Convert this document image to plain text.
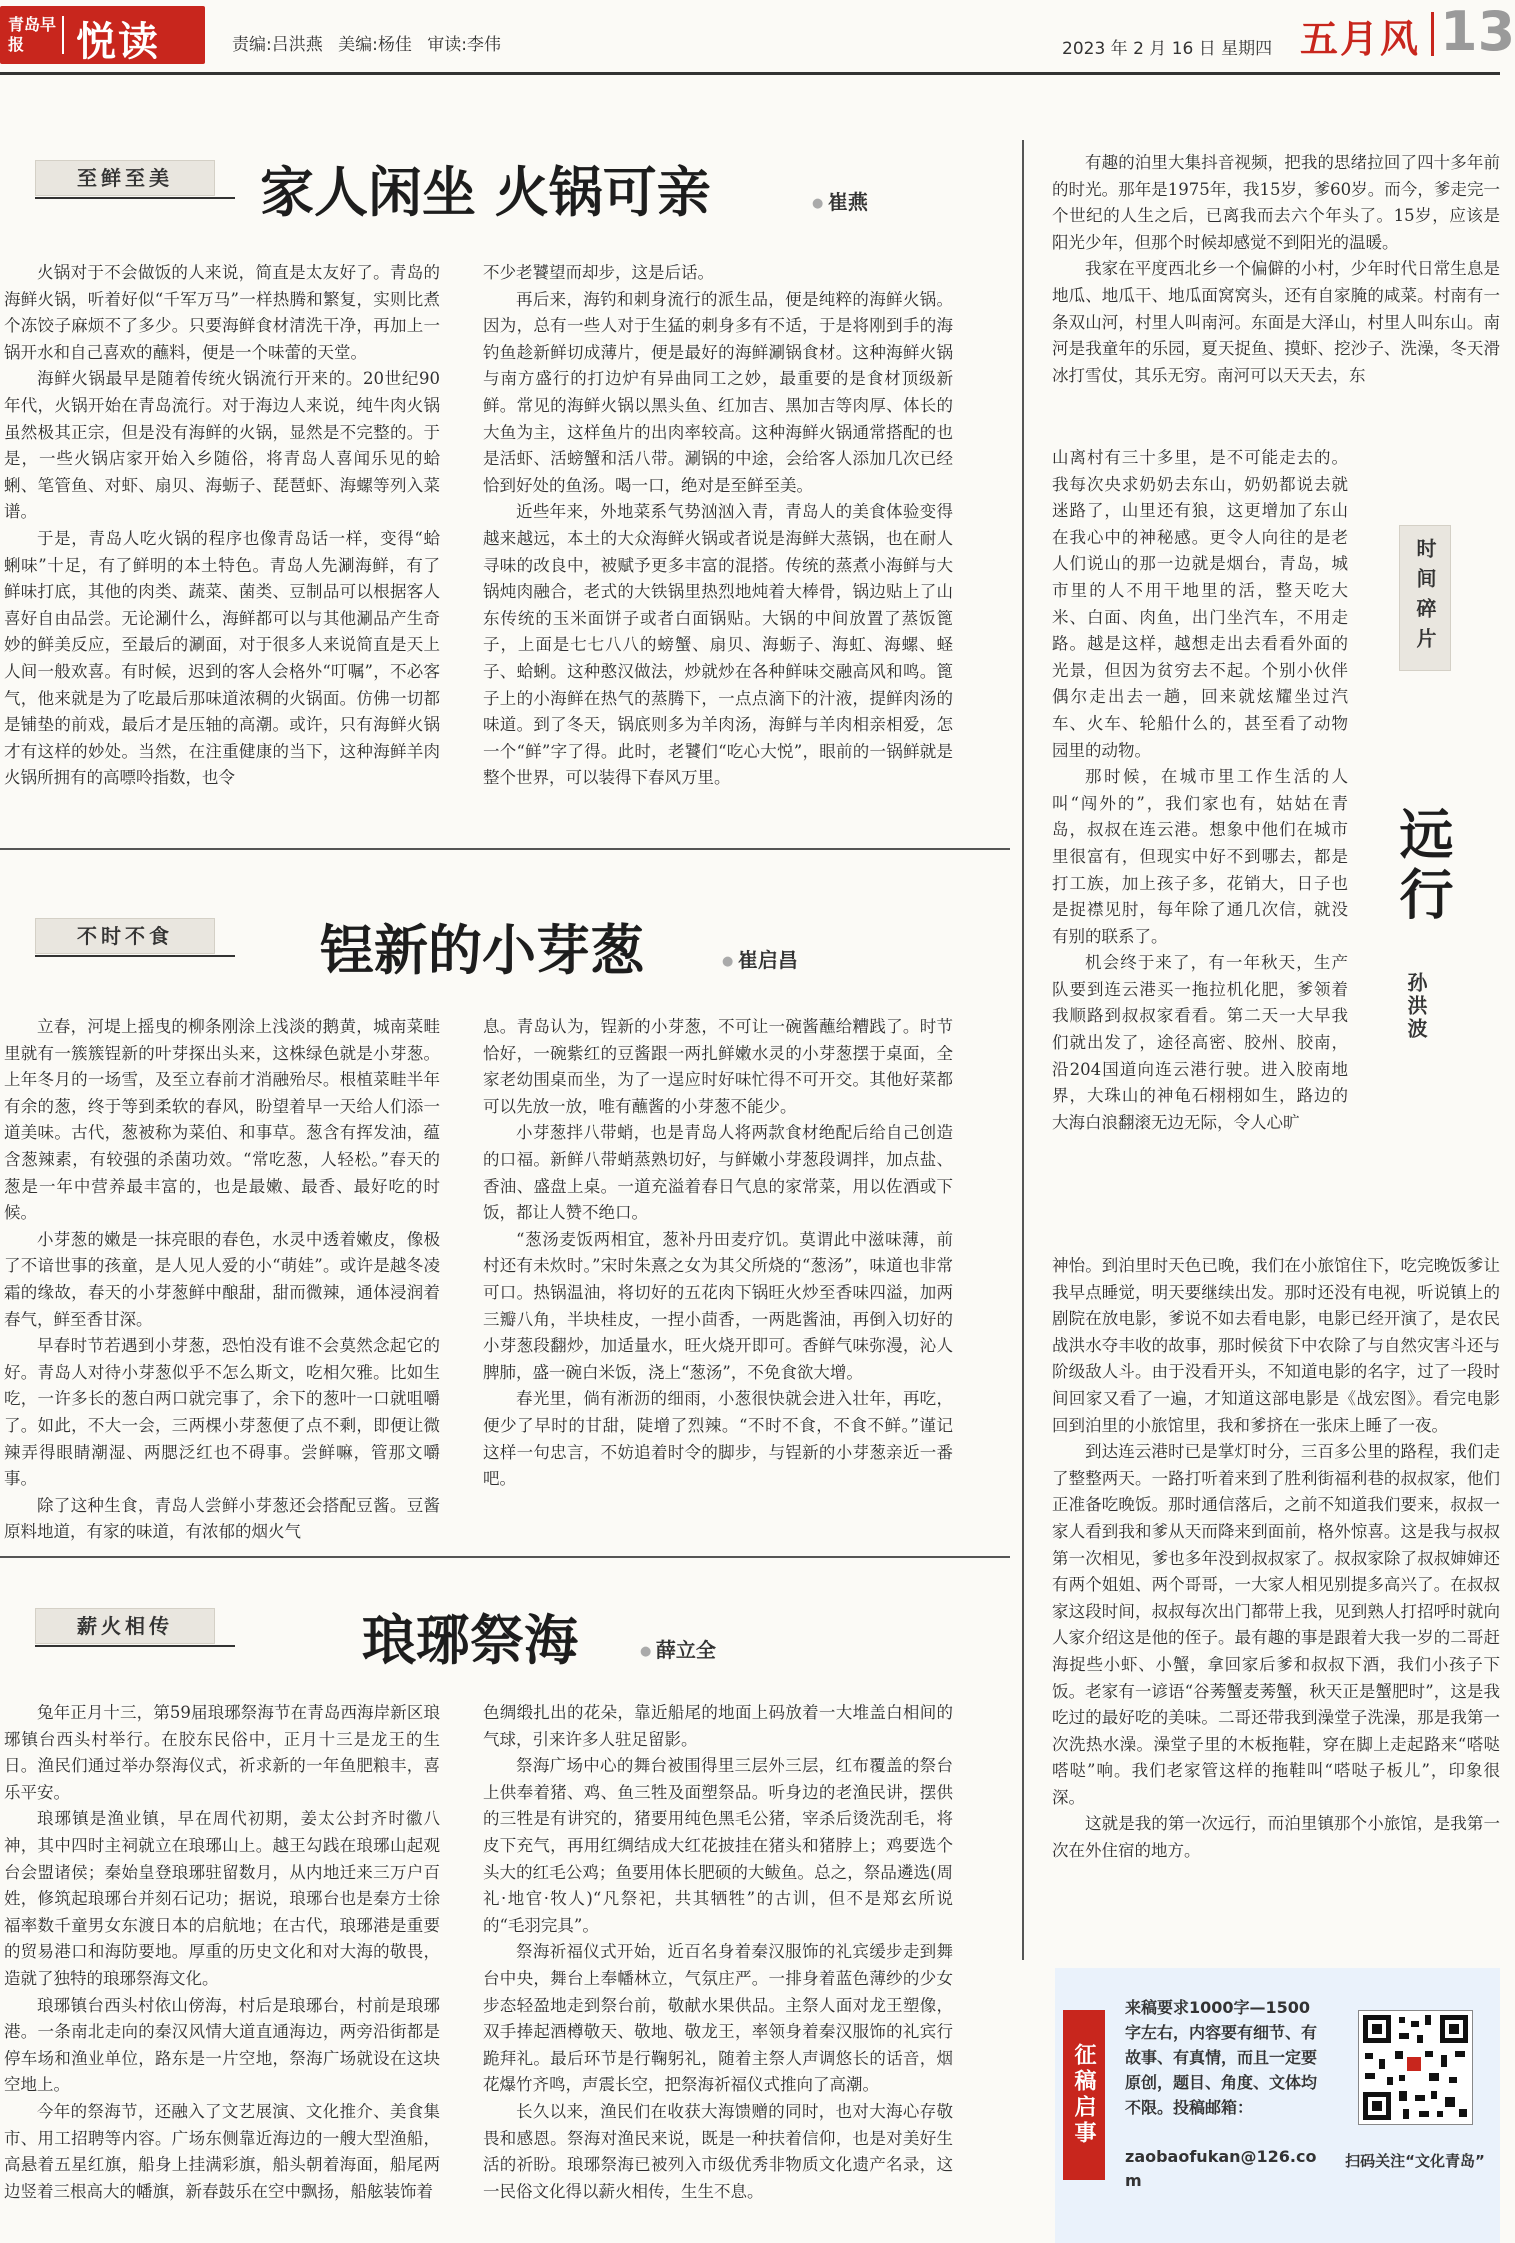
青岛早报	悦读	责编:吕洪燕 美编:杨佳 审读:李伟	2023 年 2 月 16 日 星期四 五月风 13
至鲜至美	家人闲坐 火锅可亲	● 崔燕

火锅对于不会做饭的人来说，简直是太友好了。青岛的海鲜火锅，听着好似“千军万马”一样热腾和繁复，实则比煮个冻饺子麻烦不了多少。只要海鲜食材清洗干净，再加上一锅开水和自己喜欢的蘸料，便是一个味蕾的天堂。

海鲜火锅最早是随着传统火锅流行开来的。20世纪90年代，火锅开始在青岛流行。对于海边人来说，纯牛肉火锅虽然极其正宗，但是没有海鲜的火锅，显然是不完整的。于是，一些火锅店家开始入乡随俗，将青岛人喜闻乐见的蛤蜊、笔管鱼、对虾、扇贝、海蛎子、琵琶虾、海螺等列入菜谱。

于是，青岛人吃火锅的程序也像青岛话一样，变得“蛤蜊味”十足，有了鲜明的本土特色。青岛人先涮海鲜，有了鲜味打底，其他的肉类、蔬菜、菌类、豆制品可以根据客人喜好自由品尝。无论涮什么，海鲜都可以与其他涮品产生奇妙的鲜美反应，至最后的涮面，对于很多人来说简直是天上人间一般欢喜。有时候，迟到的客人会格外“叮嘱”，不必客气，他来就是为了吃最后那味道浓稠的火锅面。仿佛一切都是铺垫的前戏，最后才是压轴的高潮。或许，只有海鲜火锅才有这样的妙处。当然，在注重健康的当下，这种海鲜羊肉火锅所拥有的高嘌呤指数，也令

不少老饕望而却步，这是后话。

再后来，海钓和刺身流行的派生品，便是纯粹的海鲜火锅。因为，总有一些人对于生猛的刺身多有不适，于是将刚到手的海钓鱼趁新鲜切成薄片，便是最好的海鲜涮锅食材。这种海鲜火锅与南方盛行的打边炉有异曲同工之妙，最重要的是食材顶级新鲜。常见的海鲜火锅以黑头鱼、红加吉、黑加吉等肉厚、体长的大鱼为主，这样鱼片的出肉率较高。这种海鲜火锅通常搭配的也是活虾、活螃蟹和活八带。涮锅的中途，会给客人添加几次已经恰到好处的鱼汤。喝一口，绝对是至鲜至美。

近些年来，外地菜系气势汹汹入青，青岛人的美食体验变得越来越远，本土的大众海鲜火锅或者说是海鲜大蒸锅，也在耐人寻味的改良中，被赋予更多丰富的混搭。传统的蒸煮小海鲜与大锅炖肉融合，老式的大铁锅里热烈地炖着大棒骨，锅边贴上了山东传统的玉米面饼子或者白面锅贴。大锅的中间放置了蒸饭篦子，上面是七七八八的螃蟹、扇贝、海蛎子、海虹、海螺、蛏子、蛤蜊。这种憨汉做法，炒就炒在各种鲜味交融高风和鸣。篦子上的小海鲜在热气的蒸腾下，一点点滴下的汁液，提鲜肉汤的味道。到了冬天，锅底则多为羊肉汤，海鲜与羊肉相亲相爱，怎一个“鲜”字了得。此时，老饕们“吃心大悦”，眼前的一锅鲜就是整个世界，可以装得下春风万里。

不时不食	锃新的小芽葱	● 崔启昌

立春，河堤上摇曳的柳条刚涂上浅淡的鹅黄，城南菜畦里就有一簇簇锃新的叶芽探出头来，这株绿色就是小芽葱。上年冬月的一场雪，及至立春前才消融殆尽。根植菜畦半年有余的葱，终于等到柔软的春风，盼望着早一天给人们添一道美味。古代，葱被称为菜伯、和事草。葱含有挥发油，蕴含葱辣素，有较强的杀菌功效。“常吃葱，人轻松。”春天的葱是一年中营养最丰富的，也是最嫩、最香、最好吃的时候。

小芽葱的嫩是一抹亮眼的春色，水灵中透着嫩皮，像极了不谙世事的孩童，是人见人爱的小“萌娃”。或许是越冬凌霜的缘故，春天的小芽葱鲜中酿甜，甜而微辣，通体浸润着春气，鲜至香甘深。

早春时节若遇到小芽葱，恐怕没有谁不会莫然念起它的好。青岛人对待小芽葱似乎不怎么斯文，吃相欠雅。比如生吃，一许多长的葱白两口就完事了，余下的葱叶一口就咀嚼了。如此，不大一会，三两棵小芽葱便了点不剩，即便让微辣弄得眼睛潮湿、两腮泛红也不碍事。尝鲜嘛，管那文嚼事。

除了这种生食，青岛人尝鲜小芽葱还会搭配豆酱。豆酱原料地道，有家的味道，有浓郁的烟火气

息。青岛认为，锃新的小芽葱，不可让一碗酱蘸给糟践了。时节恰好，一碗紫红的豆酱跟一两扎鲜嫩水灵的小芽葱摆于桌面，全家老幼围桌而坐，为了一逞应时好味忙得不可开交。其他好菜都可以先放一放，唯有蘸酱的小芽葱不能少。

小芽葱拌八带蛸，也是青岛人将两款食材绝配后给自己创造的口福。新鲜八带蛸蒸熟切好，与鲜嫩小芽葱段调拌，加点盐、香油、盛盘上桌。一道充溢着春日气息的家常菜，用以佐酒或下饭，都让人赞不绝口。

“葱汤麦饭两相宜，葱补丹田麦疗饥。莫谓此中滋味薄，前村还有未炊时。”宋时朱熹之女为其父所烧的“葱汤”，味道也非常可口。热锅温油，将切好的五花肉下锅旺火炒至香味四溢，加两三瓣八角，半块桂皮，一捏小茴香，一两匙酱油，再倒入切好的小芽葱段翻炒，加适量水，旺火烧开即可。香鲜气味弥漫，沁人脾肺，盛一碗白米饭，浇上“葱汤”，不免食欲大增。

春光里，倘有淅沥的细雨，小葱很快就会进入壮年，再吃，便少了早时的甘甜，陡增了烈辣。“不时不食，不食不鲜。”谨记这样一句忠言，不妨追着时令的脚步，与锃新的小芽葱亲近一番吧。

薪火相传	琅琊祭海	● 薛立全

兔年正月十三，第59届琅琊祭海节在青岛西海岸新区琅琊镇台西头村举行。在胶东民俗中，正月十三是龙王的生日。渔民们通过举办祭海仪式，祈求新的一年鱼肥粮丰，喜乐平安。

琅琊镇是渔业镇，早在周代初期，姜太公封齐时徽八神，其中四时主祠就立在琅琊山上。越王勾践在琅琊山起观台会盟诸侯；秦始皇登琅琊驻留数月，从内地迁来三万户百姓，修筑起琅琊台并刻石记功；据说，琅琊台也是秦方士徐福率数千童男女东渡日本的启航地；在古代，琅琊港是重要的贸易港口和海防要地。厚重的历史文化和对大海的敬畏，造就了独特的琅琊祭海文化。

琅琊镇台西头村依山傍海，村后是琅琊台，村前是琅琊港。一条南北走向的秦汉风情大道直通海边，两旁沿街都是停车场和渔业单位，路东是一片空地，祭海广场就设在这块空地上。

今年的祭海节，还融入了文艺展演、文化推介、美食集市、用工招聘等内容。广场东侧靠近海边的一艘大型渔船，高悬着五星红旗，船身上挂满彩旗，船头朝着海面，船尾两边竖着三根高大的幡旗，新春鼓乐在空中飘扬，船舷装饰着

色绸缎扎出的花朵，靠近船尾的地面上码放着一大堆盖白相间的气球，引来许多人驻足留影。

祭海广场中心的舞台被围得里三层外三层，红布覆盖的祭台上供奉着猪、鸡、鱼三牲及面塑祭品。听身边的老渔民讲，摆供的三牲是有讲究的，猪要用纯色黑毛公猪，宰杀后烫洗刮毛，将皮下充气，再用红绸结成大红花披挂在猪头和猪脖上；鸡要选个头大的红毛公鸡；鱼要用体长肥硕的大鲅鱼。总之，祭品遴选(周礼·地官·牧人)“凡祭祀，共其牺牲”的古训，但不是郑玄所说的“毛羽完具”。

祭海祈福仪式开始，近百名身着秦汉服饰的礼宾缓步走到舞台中央，舞台上奉幡林立，气氛庄严。一排身着蓝色薄纱的少女步态轻盈地走到祭台前，敬献水果供品。主祭人面对龙王塑像，双手捧起酒樽敬天、敬地、敬龙王，率领身着秦汉服饰的礼宾行跪拜礼。最后环节是行鞠躬礼，随着主祭人声调悠长的话音，烟花爆竹齐鸣，声震长空，把祭海祈福仪式推向了高潮。

长久以来，渔民们在收获大海馈赠的同时，也对大海心存敬畏和感恩。祭海对渔民来说，既是一种扶着信仰，也是对美好生活的祈盼。琅琊祭海已被列入市级优秀非物质文化遗产名录，这一民俗文化得以薪火相传，生生不息。

有趣的泊里大集抖音视频，把我的思绪拉回了四十多年前的时光。那年是1975年，我15岁，爹60岁。而今，爹走完一个世纪的人生之后，已离我而去六个年头了。15岁，应该是阳光少年，但那个时候却感觉不到阳光的温暖。

我家在平度西北乡一个偏僻的小村，少年时代日常生息是地瓜、地瓜干、地瓜面窝窝头，还有自家腌的咸菜。村南有一条双山河，村里人叫南河。东面是大泽山，村里人叫东山。南河是我童年的乐园，夏天捉鱼、摸虾、挖沙子、洗澡，冬天滑冰打雪仗，其乐无穷。南河可以天天去，东

山离村有三十多里，是不可能走去的。我每次央求奶奶去东山，奶奶都说去就迷路了，山里还有狼，这更增加了东山在我心中的神秘感。更令人向往的是老人们说山的那一边就是烟台，青岛，城市里的人不用干地里的活，整天吃大米、白面、肉鱼，出门坐汽车，不用走路。越是这样，越想走出去看看外面的光景，但因为贫穷去不起。个别小伙伴偶尔走出去一趟，回来就炫耀坐过汽车、火车、轮船什么的，甚至看了动物园里的动物。

那时候，在城市里工作生活的人叫“闯外的”，我们家也有，姑姑在青岛，叔叔在连云港。想象中他们在城市里很富有，但现实中好不到哪去，都是打工族，加上孩子多，花销大，日子也是捉襟见肘，每年除了通几次信，就没有别的联系了。

机会终于来了，有一年秋天，生产队要到连云港买一拖拉机化肥，爹领着我顺路到叔叔家看看。第二天一大早我们就出发了，途径高密、胶州、胶南，沿204国道向连云港行驶。进入胶南地界，大珠山的神龟石栩栩如生，路边的大海白浪翻滚无边无际，令人心旷

时间碎片
远行
孙洪波

神怡。到泊里时天色已晚，我们在小旅馆住下，吃完晚饭爹让我早点睡觉，明天要继续出发。那时还没有电视，听说镇上的剧院在放电影，爹说不如去看电影，电影已经开演了，是农民战洪水夺丰收的故事，那时候贫下中农除了与自然灾害斗还与阶级敌人斗。由于没看开头，不知道电影的名字，过了一段时间回家又看了一遍，才知道这部电影是《战宏图》。看完电影回到泊里的小旅馆里，我和爹挤在一张床上睡了一夜。

到达连云港时已是掌灯时分，三百多公里的路程，我们走了整整两天。一路打听着来到了胜利街福利巷的叔叔家，他们正准备吃晚饭。那时通信落后，之前不知道我们要来，叔叔一家人看到我和爹从天而降来到面前，格外惊喜。这是我与叔叔第一次相见，爹也多年没到叔叔家了。叔叔家除了叔叔婶婶还有两个姐姐、两个哥哥，一大家人相见别提多高兴了。在叔叔家这段时间，叔叔每次出门都带上我，见到熟人打招呼时就向人家介绍这是他的侄子。最有趣的事是跟着大我一岁的二哥赶海捉些小虾、小蟹，拿回家后爹和叔叔下酒，我们小孩子下饭。老家有一谚语“谷莠蟹麦莠蟹，秋天正是蟹肥时”，这是我吃过的最好吃的美味。二哥还带我到澡堂子洗澡，那是我第一次洗热水澡。澡堂子里的木板拖鞋，穿在脚上走起路来“嗒哒嗒哒”响。我们老家管这样的拖鞋叫“嗒哒子板儿”，印象很深。

这就是我的第一次远行，而泊里镇那个小旅馆，是我第一次在外住宿的地方。

征稿启事
来稿要求1000字—1500字左右，内容要有细节、有故事、有真情，而且一定要原创，题目、角度、文体均不限。投稿邮箱：
zaobaofukan@126.com
扫码关注“文化青岛”
